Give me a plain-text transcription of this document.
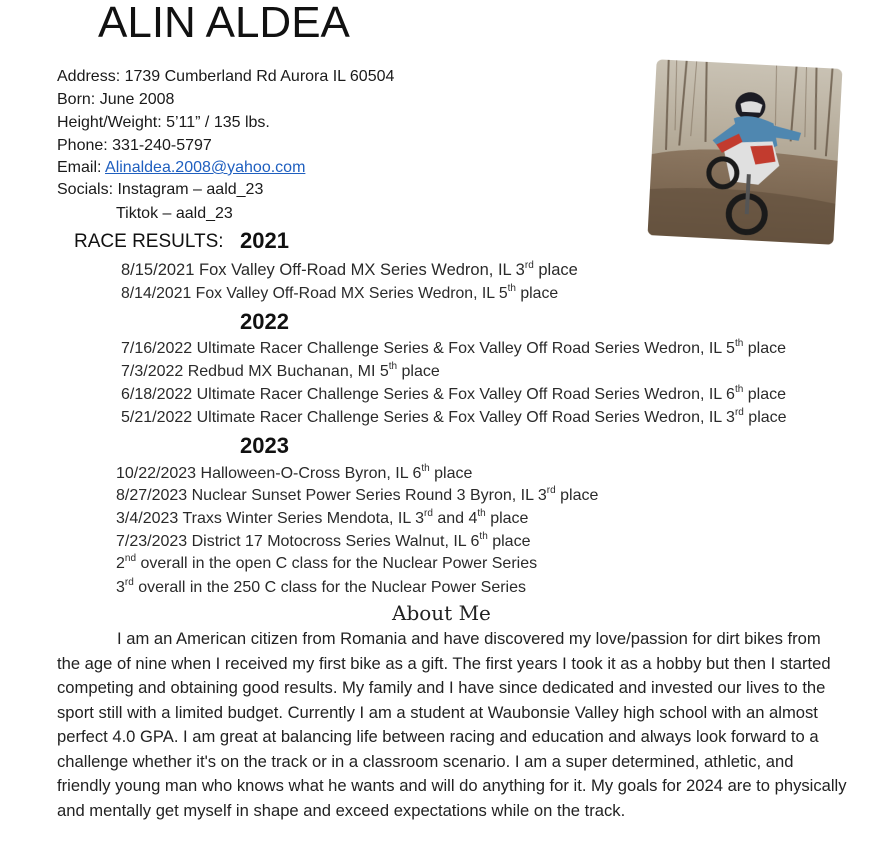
ALIN ALDEA
Address: 1739 Cumberland Rd Aurora IL 60504
Born: June 2008
Height/Weight: 5’11” / 135 lbs.
Phone: 331-240-5797
Email: Alinaldea.2008@yahoo.com
Socials: Instagram – aald_23
Tiktok – aald_23
RACE RESULTS: 2021
8/15/2021 Fox Valley Off-Road MX Series Wedron, IL 3rd place
8/14/2021 Fox Valley Off-Road MX Series Wedron, IL 5th place
2022
7/16/2022 Ultimate Racer Challenge Series & Fox Valley Off Road Series Wedron, IL 5th place
7/3/2022 Redbud MX Buchanan, MI 5th place
6/18/2022 Ultimate Racer Challenge Series & Fox Valley Off Road Series Wedron, IL 6th place
5/21/2022 Ultimate Racer Challenge Series & Fox Valley Off Road Series Wedron, IL 3rd place
2023
10/22/2023 Halloween-O-Cross Byron, IL 6th place
8/27/2023 Nuclear Sunset Power Series Round 3 Byron, IL 3rd place
3/4/2023 Traxs Winter Series Mendota, IL 3rd and 4th place
7/23/2023 District 17 Motocross Series Walnut, IL 6th place
2nd overall in the open C class for the Nuclear Power Series
3rd overall in the 250 C class for the Nuclear Power Series
About Me

I am an American citizen from Romania and have discovered my love/passion for dirt bikes from the age of nine when I received my first bike as a gift. The first years I took it as a hobby but then I started competing and obtaining good results. My family and I have since dedicated and invested our lives to the sport still with a limited budget. Currently I am a student at Waubonsie Valley high school with an almost perfect 4.0 GPA. I am great at balancing life between racing and education and always look forward to a challenge whether it's on the track or in a classroom scenario. I am a super determined, athletic, and friendly young man who knows what he wants and will do anything for it. My goals for 2024 are to physically and mentally get myself in shape and exceed expectations while on the track.
